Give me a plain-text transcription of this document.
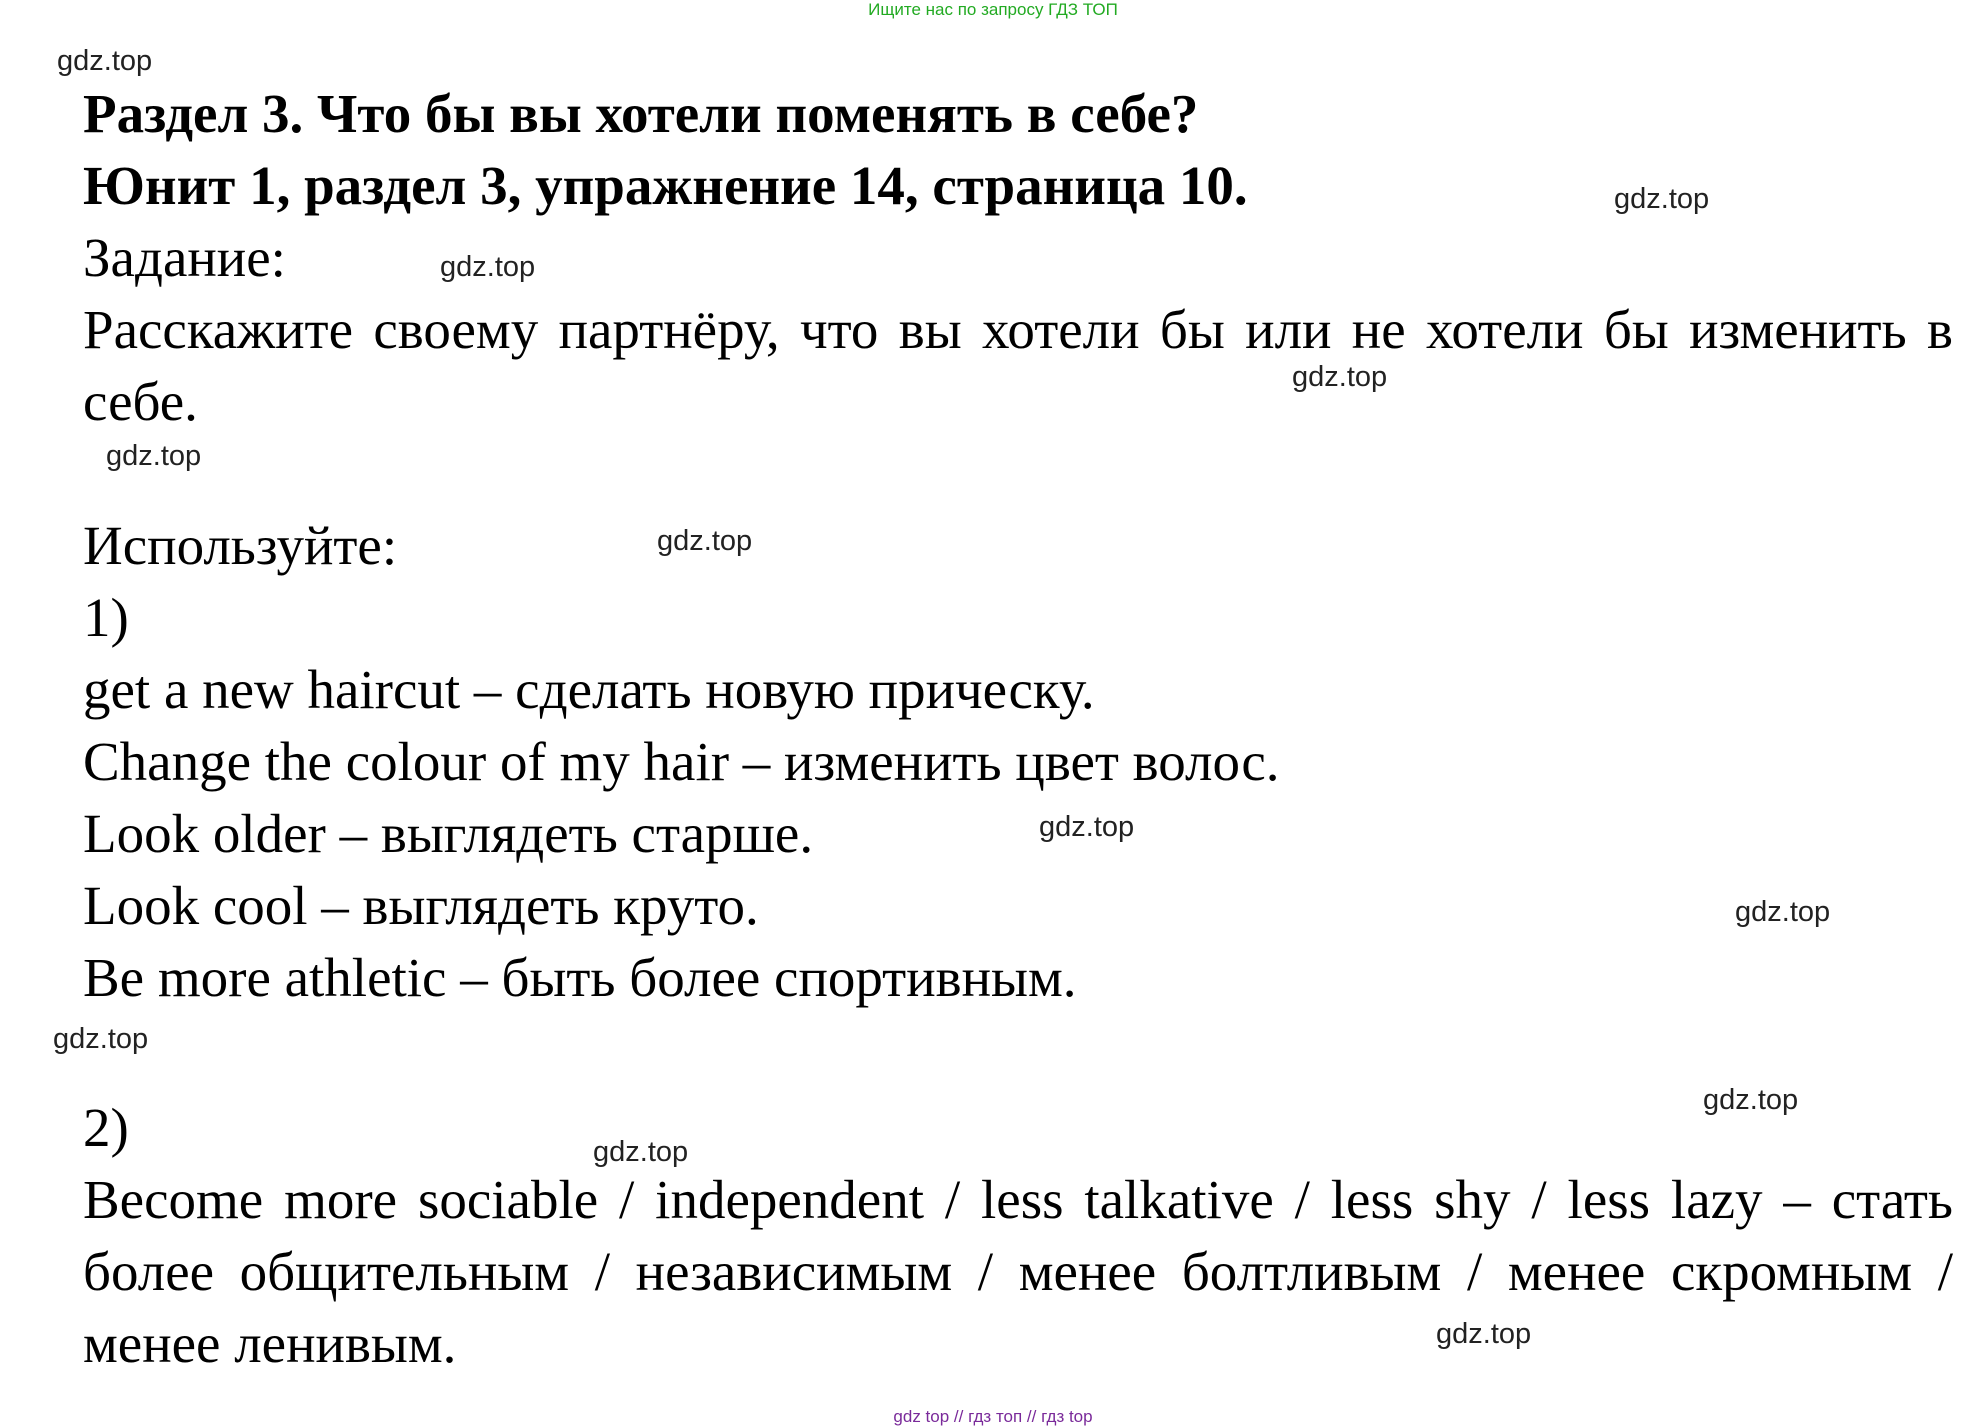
Ищите нас по запросу ГДЗ ТОП
gdz.top
gdz.top
gdz.top
gdz.top
gdz.top
gdz.top
gdz.top
gdz.top
gdz.top
gdz.top
gdz.top
gdz.top
Раздел 3. Что бы вы хотели поменять в себе?
Юнит 1, раздел 3, упражнение 14, страница 10.
Задание:
Расскажите своему партнёру, что вы хотели бы или не хотели бы изменить в себе.
Используйте:
1)
get a new haircut – сделать новую прическу.
Change the colour of my hair – изменить цвет волос.
Look older – выглядеть старше.
Look cool – выглядеть круто.
Be more athletic – быть более спортивным.
2)
Become more sociable / independent / less talkative / less shy / less lazy – стать более общительным / независимым / менее болтливым / менее скромным / менее ленивым.
gdz top // гдз топ // гдз top
